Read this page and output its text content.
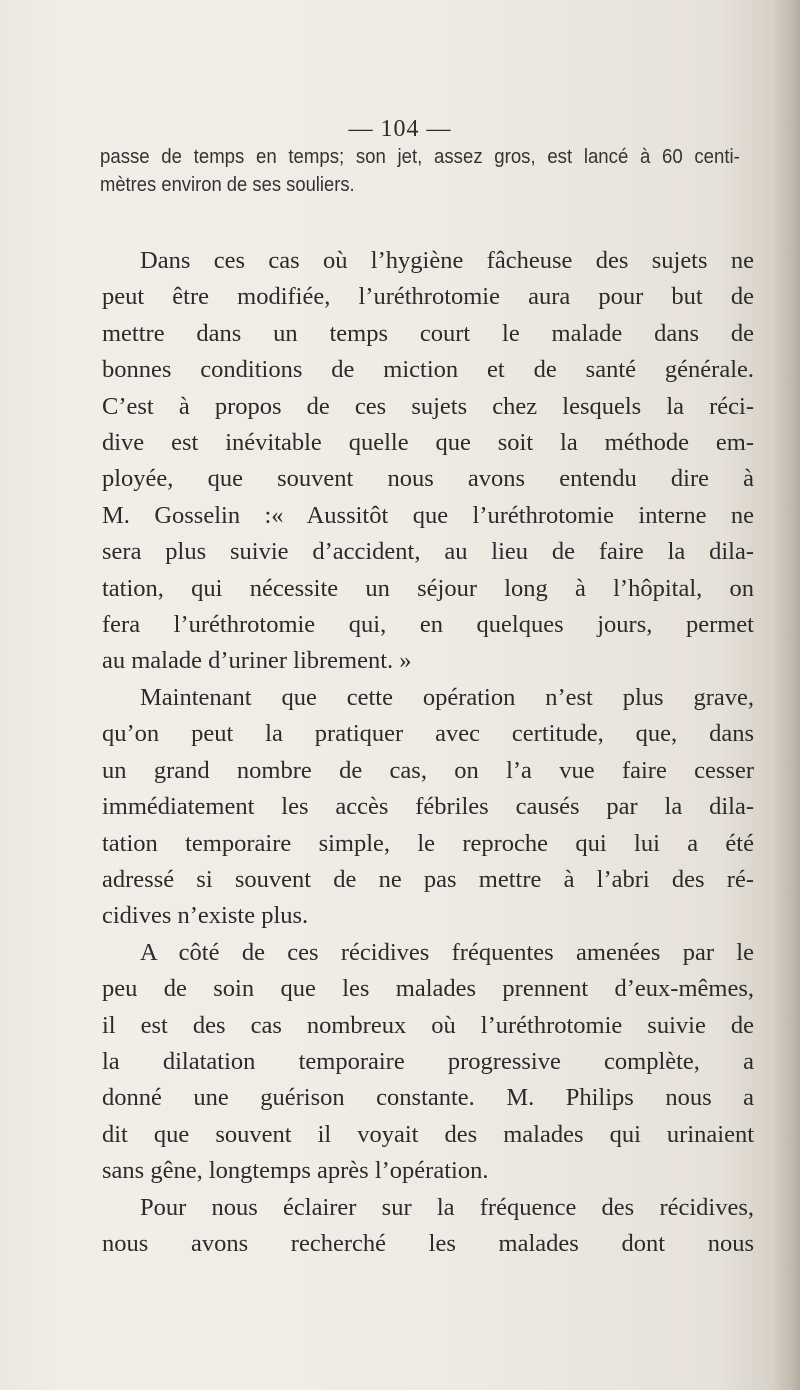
— 104 —
passe de temps en temps; son jet, assez gros, est lancé à 60 centi-
mètres environ de ses souliers.
Dans ces cas où l’hygiène fâcheuse des sujets ne
peut être modifiée, l’uréthrotomie aura pour but de
mettre dans un temps court le malade dans de
bonnes conditions de miction et de santé générale.
C’est à propos de ces sujets chez lesquels la réci-
dive est inévitable quelle que soit la méthode em-
ployée, que souvent nous avons entendu dire à
M. Gosselin :« Aussitôt que l’uréthrotomie interne ne
sera plus suivie d’accident, au lieu de faire la dila-
tation, qui nécessite un séjour long à l’hôpital, on
fera l’uréthrotomie qui, en quelques jours, permet
au malade d’uriner librement. »
Maintenant que cette opération n’est plus grave,
qu’on peut la pratiquer avec certitude, que, dans
un grand nombre de cas, on l’a vue faire cesser
immédiatement les accès fébriles causés par la dila-
tation temporaire simple, le reproche qui lui a été
adressé si souvent de ne pas mettre à l’abri des ré-
cidives n’existe plus.
A côté de ces récidives fréquentes amenées par le
peu de soin que les malades prennent d’eux-mêmes,
il est des cas nombreux où l’uréthrotomie suivie de
la dilatation temporaire progressive complète, a
donné une guérison constante. M. Philips nous a
dit que souvent il voyait des malades qui urinaient
sans gêne, longtemps après l’opération.
Pour nous éclairer sur la fréquence des récidives,
nous avons recherché les malades dont nous
